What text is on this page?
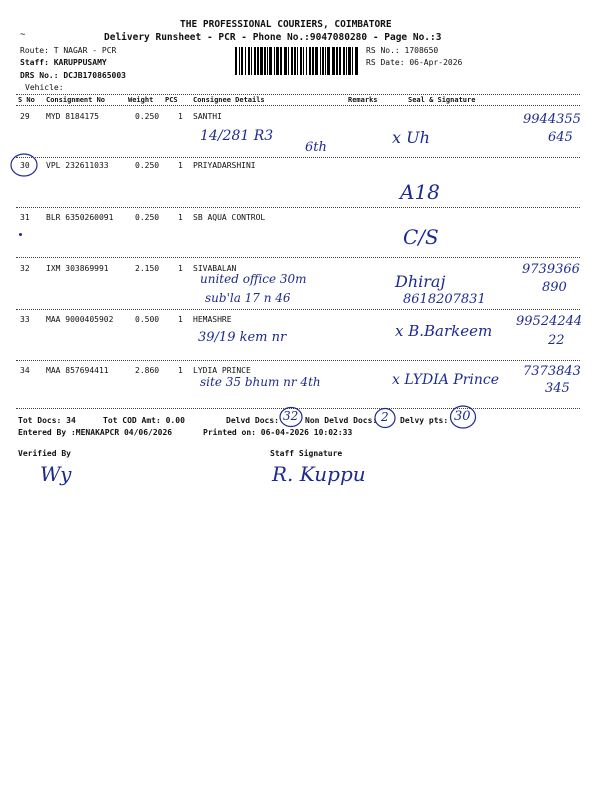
THE PROFESSIONAL COURIERS, COIMBATORE
Delivery Runsheet - PCR - Phone No.:9047080280 - Page No.:3
~
Route: T NAGAR - PCR
Staff: KARUPPUSAMY
DRS No.: DCJB170865003
Vehicle:
RS No.: 1708650
RS Date: 06-Apr-2026
S No Consignment No	Weight PCS Consignee Details	Remarks	Seal & Signature
29 MYD 8184175	0.250 1 SANTHI
14/281 R3
6th
x Uh
9944355
645
30 VPL 232611033	0.250 1 PRIYADARSHINI
A18
31 BLR 6350260091	0.250 1 SB AQUA CONTROL
C/S
32 IXM 303869991	2.150 1 SIVABALAN
united office 30m
sub'la 17 n 46
Dhiraj
8618207831
9739366
890
33 MAA 9000405902	0.500 1 HEMASHRE
39/19 kem nr	x B.Barkeem
99524244
22
34 MAA 857694411	2.860 1 LYDIA PRINCE
site 35 bhum nr 4th	x LYDIA Prince
7373843
345
Tot Docs: 34	Tot COD Amt: 0.00	Delvd Docs:	Non Delvd Docs:	Delvy pts:
32	2	30
Entered By :MENAKAPCR 04/06/2026	Printed on: 06-04-2026 10:02:33
Verified By	Staff Signature
Wy	R. Kuppu
